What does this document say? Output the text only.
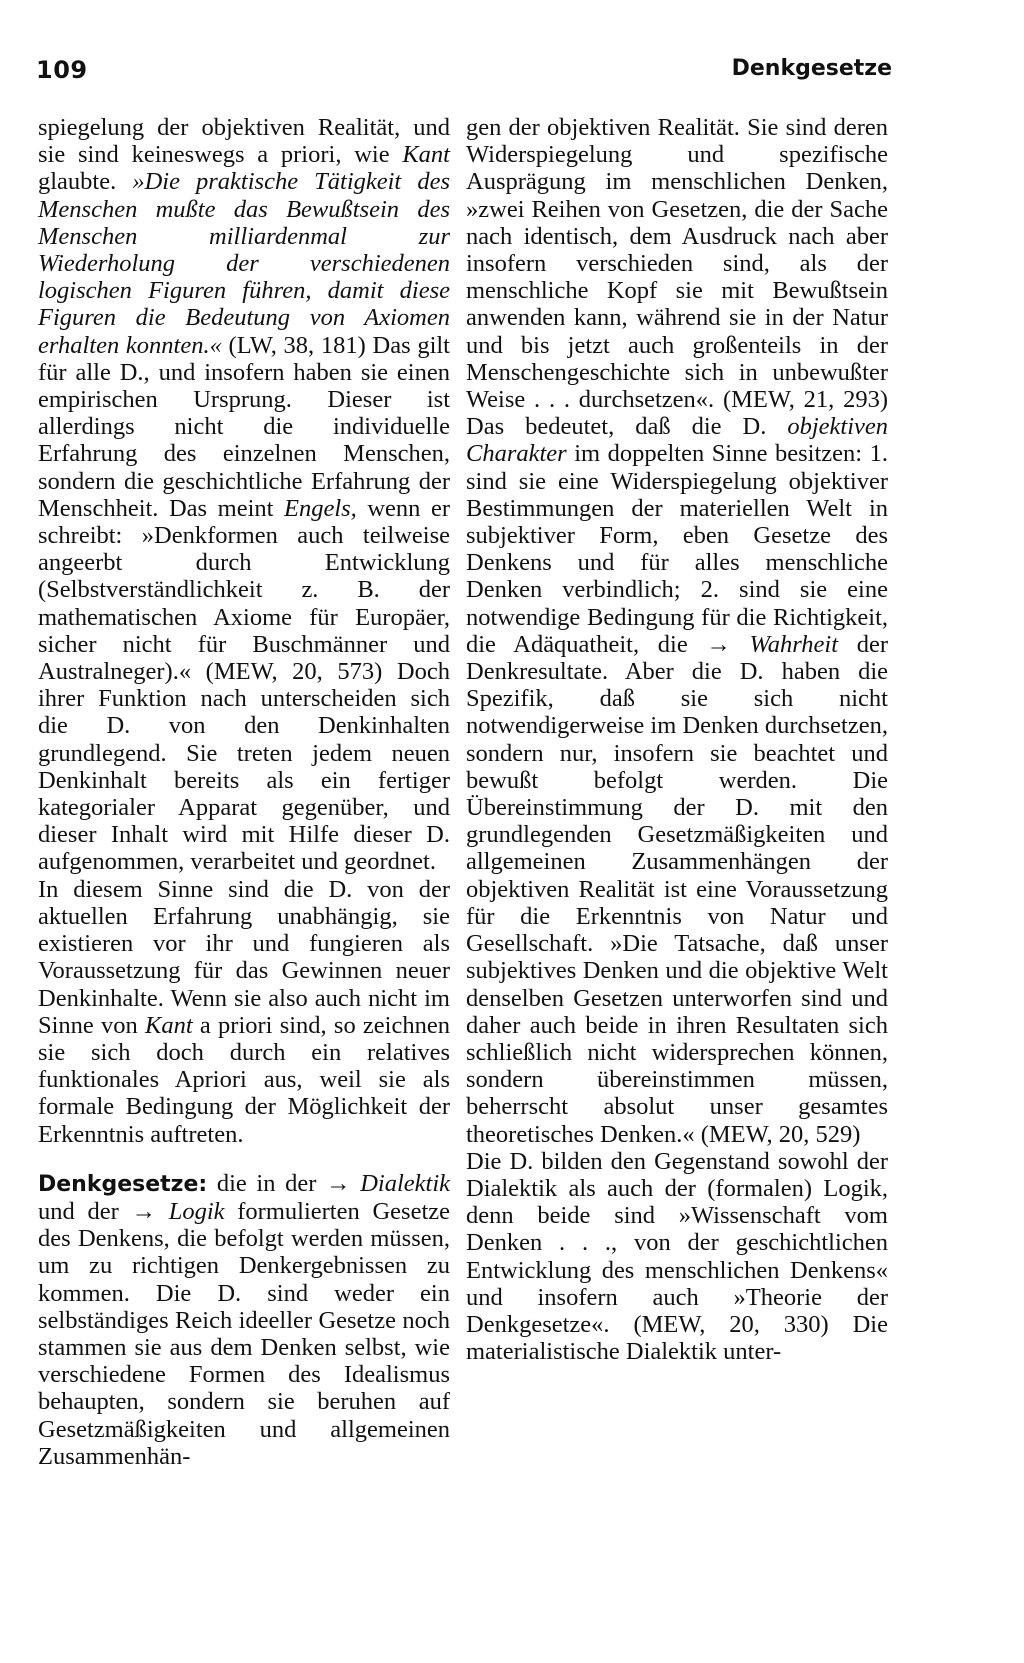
109	Denkgesetze

spiegelung der objektiven Realität, und sie sind keineswegs a priori, wie Kant glaubte. »Die praktische Tätigkeit des Menschen mußte das Bewußtsein des Menschen milliardenmal zur Wiederholung der verschiedenen logischen Figuren führen, damit diese Figuren die Bedeutung von Axiomen erhalten konnten.« (LW, 38, 181) Das gilt für alle D., und insofern haben sie einen empirischen Ursprung. Dieser ist allerdings nicht die individuelle Erfahrung des einzelnen Menschen, sondern die geschichtliche Erfahrung der Menschheit. Das meint Engels, wenn er schreibt: »Denkformen auch teilweise angeerbt durch Entwicklung (Selbstverständlichkeit z. B. der mathematischen Axiome für Europäer, sicher nicht für Buschmänner und Australneger).« (MEW, 20, 573) Doch ihrer Funktion nach unterscheiden sich die D. von den Denkinhalten grundlegend. Sie treten jedem neuen Denkinhalt bereits als ein fertiger kategorialer Apparat gegenüber, und dieser Inhalt wird mit Hilfe dieser D. aufgenommen, verarbeitet und geordnet.

In diesem Sinne sind die D. von der aktuellen Erfahrung unabhängig, sie existieren vor ihr und fungieren als Voraussetzung für das Gewinnen neuer Denkinhalte. Wenn sie also auch nicht im Sinne von Kant a priori sind, so zeichnen sie sich doch durch ein relatives funktionales Apriori aus, weil sie als formale Bedingung der Möglichkeit der Erkenntnis auftreten.

Denkgesetze: die in der → Dialektik und der → Logik formulierten Gesetze des Denkens, die befolgt werden müssen, um zu richtigen Denkergebnissen zu kommen. Die D. sind weder ein selbständiges Reich ideeller Gesetze noch stammen sie aus dem Denken selbst, wie verschiedene Formen des Idealismus behaupten, sondern sie beruhen auf Gesetzmäßigkeiten und allgemeinen Zusammenhän-

gen der objektiven Realität. Sie sind deren Widerspiegelung und spezifische Ausprägung im menschlichen Denken, »zwei Reihen von Gesetzen, die der Sache nach identisch, dem Ausdruck nach aber insofern verschieden sind, als der menschliche Kopf sie mit Bewußtsein anwenden kann, während sie in der Natur und bis jetzt auch großenteils in der Menschengeschichte sich in unbewußter Weise . . . durchsetzen«. (MEW, 21, 293) Das bedeutet, daß die D. objektiven Charakter im doppelten Sinne besitzen: 1. sind sie eine Widerspiegelung objektiver Bestimmungen der materiellen Welt in subjektiver Form, eben Gesetze des Denkens und für alles menschliche Denken verbindlich; 2. sind sie eine notwendige Bedingung für die Richtigkeit, die Adäquatheit, die → Wahrheit der Denkresultate. Aber die D. haben die Spezifik, daß sie sich nicht notwendigerweise im Denken durchsetzen, sondern nur, insofern sie beachtet und bewußt befolgt werden. Die Übereinstimmung der D. mit den grundlegenden Gesetzmäßigkeiten und allgemeinen Zusammenhängen der objektiven Realität ist eine Voraussetzung für die Erkenntnis von Natur und Gesellschaft. »Die Tatsache, daß unser subjektives Denken und die objektive Welt denselben Gesetzen unterworfen sind und daher auch beide in ihren Resultaten sich schließlich nicht widersprechen können, sondern übereinstimmen müssen, beherrscht absolut unser gesamtes theoretisches Denken.« (MEW, 20, 529)

Die D. bilden den Gegenstand sowohl der Dialektik als auch der (formalen) Logik, denn beide sind »Wissenschaft vom Denken . . ., von der geschichtlichen Entwicklung des menschlichen Denkens« und insofern auch »Theorie der Denkgesetze«. (MEW, 20, 330) Die materialistische Dialektik unter-
